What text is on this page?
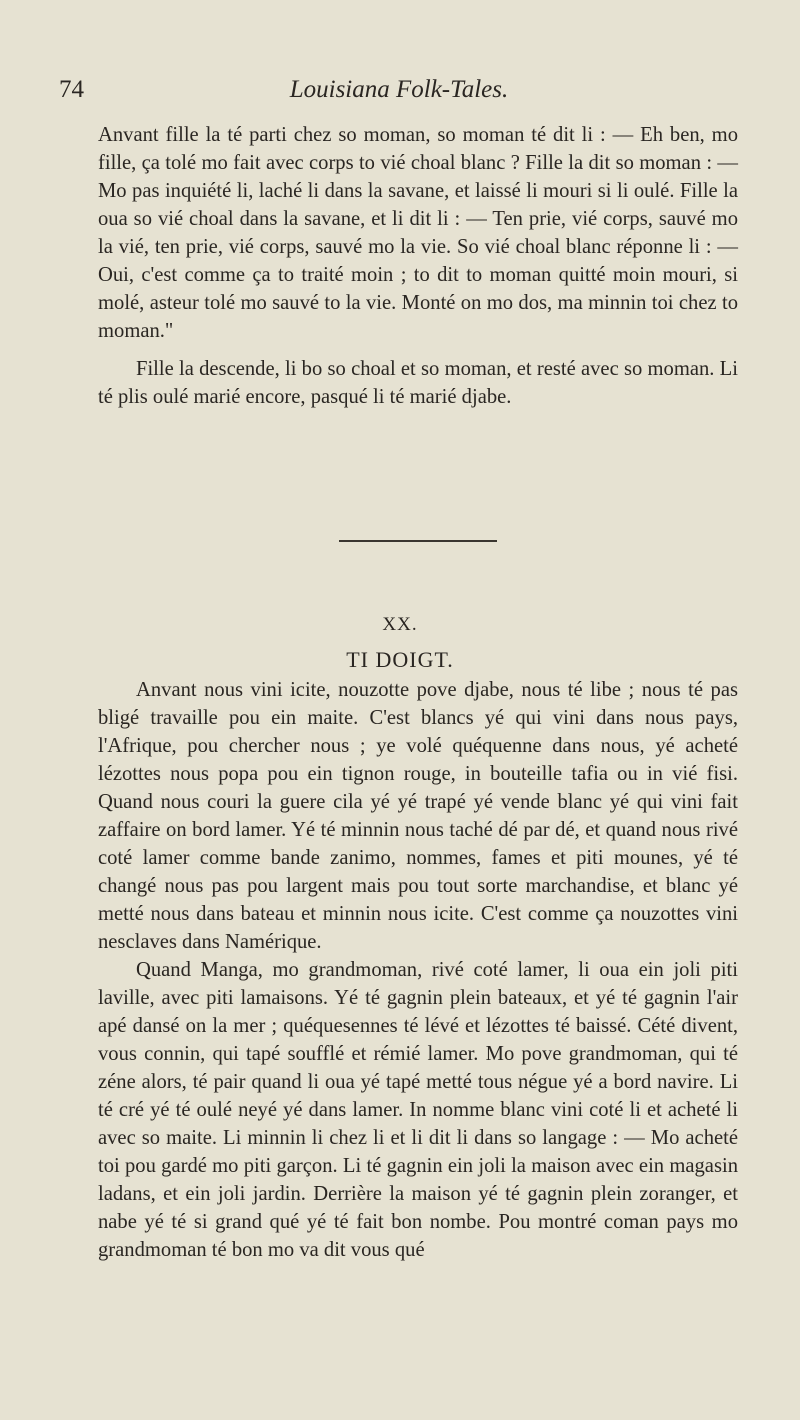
74	Louisiana Folk-Tales.

Anvant fille la té parti chez so moman, so moman té dit li : — Eh ben, mo fille, ça tolé mo fait avec corps to vié choal blanc ? Fille la dit so moman : — Mo pas inquiété li, laché li dans la savane, et laissé li mouri si li oulé. Fille la oua so vié choal dans la savane, et li dit li : — Ten prie, vié corps, sauvé mo la vié, ten prie, vié corps, sauvé mo la vie. So vié choal blanc réponne li : — Oui, c'est comme ça to traité moin ; to dit to moman quitté moin mouri, si molé, asteur tolé mo sauvé to la vie. Monté on mo dos, ma minnin toi chez to moman."

Fille la descende, li bo so choal et so moman, et resté avec so moman. Li té plis oulé marié encore, pasqué li té marié djabe.

XX.
TI DOIGT.

Anvant nous vini icite, nouzotte pove djabe, nous té libe ; nous té pas bligé travaille pou ein maite. C'est blancs yé qui vini dans nous pays, l'Afrique, pou chercher nous ; ye volé quéquenne dans nous, yé acheté lézottes nous popa pou ein tignon rouge, in bouteille tafia ou in vié fisi. Quand nous couri la guere cila yé yé trapé yé vende blanc yé qui vini fait zaffaire on bord lamer. Yé té minnin nous taché dé par dé, et quand nous rivé coté lamer comme bande zanimo, nommes, fames et piti mounes, yé té changé nous pas pou largent mais pou tout sorte marchandise, et blanc yé metté nous dans bateau et minnin nous icite. C'est comme ça nouzottes vini nesclaves dans Namérique.

Quand Manga, mo grandmoman, rivé coté lamer, li oua ein joli piti laville, avec piti lamaisons. Yé té gagnin plein bateaux, et yé té gagnin l'air apé dansé on la mer ; quéquesennes té lévé et lézottes té baissé. Cété divent, vous connin, qui tapé soufflé et rémié lamer. Mo pove grandmoman, qui té zéne alors, té pair quand li oua yé tapé metté tous négue yé a bord navire. Li té cré yé té oulé neyé yé dans lamer. In nomme blanc vini coté li et acheté li avec so maite. Li minnin li chez li et li dit li dans so langage : — Mo acheté toi pou gardé mo piti garçon. Li té gagnin ein joli la maison avec ein magasin ladans, et ein joli jardin. Derrière la maison yé té gagnin plein zoranger, et nabe yé té si grand qué yé té fait bon nombe. Pou montré coman pays mo grandmoman té bon mo va dit vous qué
